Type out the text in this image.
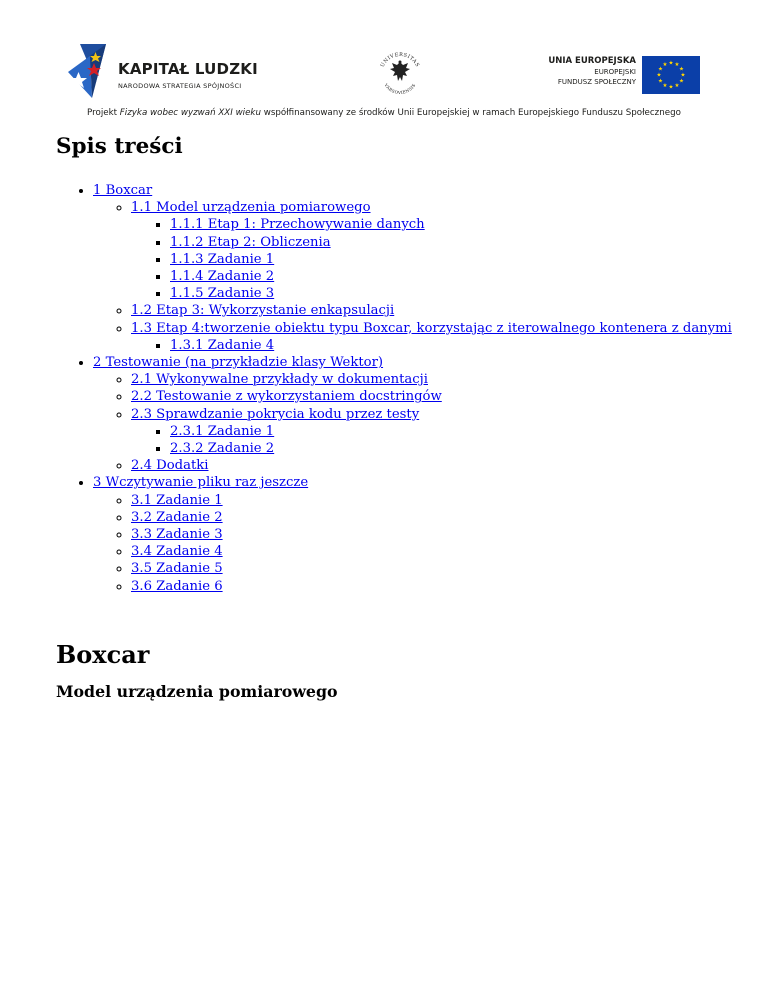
KAPITAŁ LUDZKI
NARODOWA STRATEGIA SPÓJNOŚCI
UNIVERSITAS
VARSOVIENSIS
UNIA EUROPEJSKA
EUROPEJSKI
FUNDUSZ SPOŁECZNY
★ ★
★
★
★
★
★
★
★
★
★
★
Projekt Fizyka wobec wyzwań XXI wieku współfinansowany ze środków Unii Europejskiej w ramach Europejskiego Funduszu Społecznego
Spis treści
• 1 Boxcar
◦ 1.1 Model urządzenia pomiarowego
▪ 1.1.1 Etap 1: Przechowywanie danych
▪ 1.1.2 Etap 2: Obliczenia
▪ 1.1.3 Zadanie 1
▪ 1.1.4 Zadanie 2
▪ 1.1.5 Zadanie 3
◦ 1.2 Etap 3: Wykorzystanie enkapsulacji
◦ 1.3 Etap 4:tworzenie obiektu typu Boxcar, korzystając z iterowalnego kontenera z danymi
▪ 1.3.1 Zadanie 4
• 2 Testowanie (na przykładzie klasy Wektor)
◦ 2.1 Wykonywalne przykłady w dokumentacji
◦ 2.2 Testowanie z wykorzystaniem docstringów
◦ 2.3 Sprawdzanie pokrycia kodu przez testy
▪ 2.3.1 Zadanie 1
▪ 2.3.2 Zadanie 2
◦ 2.4 Dodatki
• 3 Wczytywanie pliku raz jeszcze
◦ 3.1 Zadanie 1
◦ 3.2 Zadanie 2
◦ 3.3 Zadanie 3
◦ 3.4 Zadanie 4
◦ 3.5 Zadanie 5
◦ 3.6 Zadanie 6
Boxcar
Model urządzenia pomiarowego
